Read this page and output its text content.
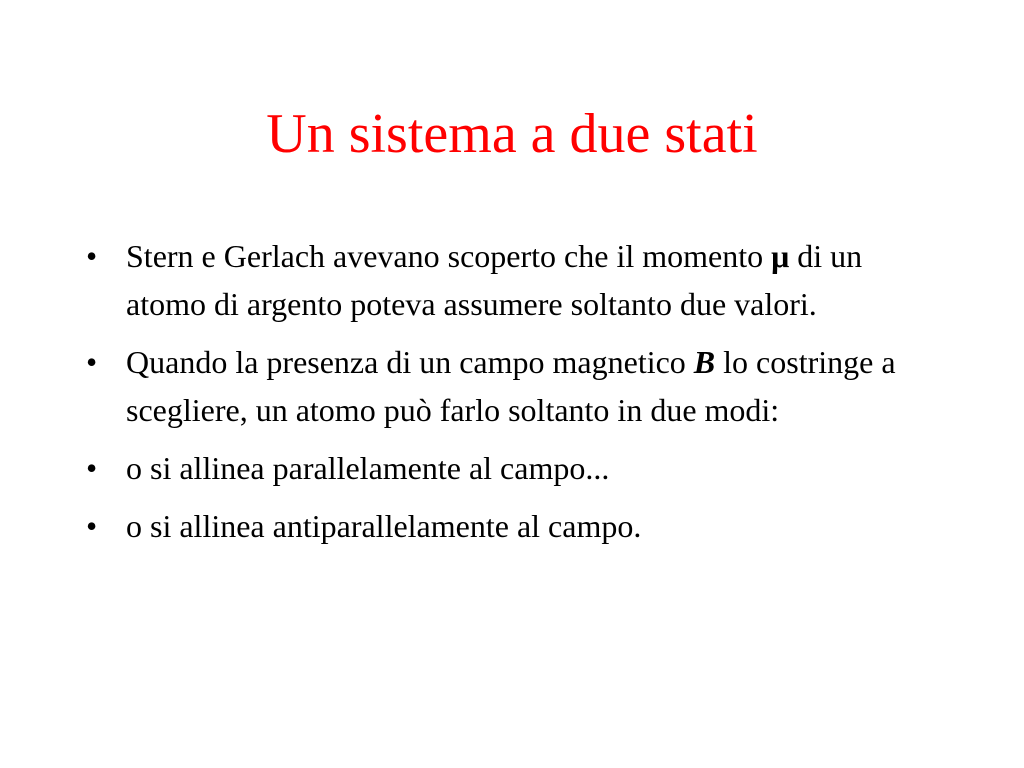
Un sistema a due stati
• Stern e Gerlach avevano scoperto che il momento μ di un atomo di argento poteva assumere soltanto due valori.
• Quando la presenza di un campo magnetico B lo costringe a scegliere, un atomo può farlo soltanto in due modi:
• o si allinea parallelamente al campo...
• o si allinea antiparallelamente al campo.
